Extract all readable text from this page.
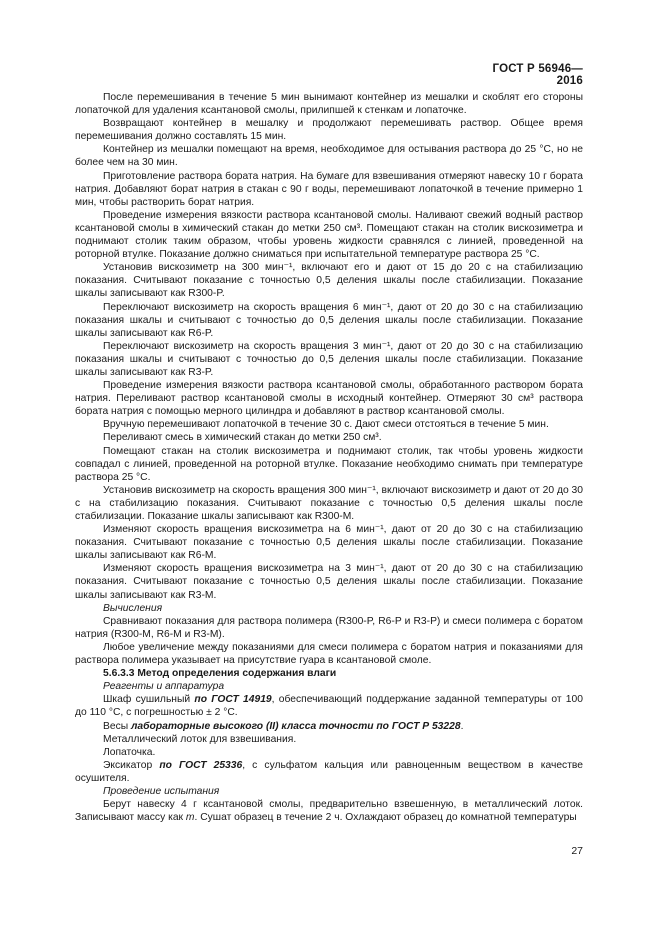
ГОСТ Р 56946—2016

После перемешивания в течение 5 мин вынимают контейнер из мешалки и скоблят его стороны лопаточкой для удаления ксантановой смолы, прилипшей к стенкам и лопаточке.

Возвращают контейнер в мешалку и продолжают перемешивать раствор. Общее время перемешивания должно составлять 15 мин.

Контейнер из мешалки помещают на время, необходимое для остывания раствора до 25 °С, но не более чем на 30 мин.

Приготовление раствора бората натрия. На бумаге для взвешивания отмеряют навеску 10 г бората натрия. Добавляют борат натрия в стакан с 90 г воды, перемешивают лопаточкой в течение примерно 1 мин, чтобы растворить борат натрия.

Проведение измерения вязкости раствора ксантановой смолы. Наливают свежий водный раствор ксантановой смолы в химический стакан до метки 250 см³. Помещают стакан на столик вискозиметра и поднимают столик таким образом, чтобы уровень жидкости сравнялся с линией, проведенной на роторной втулке. Показание должно сниматься при испытательной температуре раствора 25 °С.

Установив вискозиметр на 300 мин⁻¹, включают его и дают от 15 до 20 с на стабилизацию показания. Считывают показание с точностью 0,5 деления шкалы после стабилизации. Показание шкалы записывают как R300-P.

Переключают вискозиметр на скорость вращения 6 мин⁻¹, дают от 20 до 30 с на стабилизацию показания шкалы и считывают с точностью до 0,5 деления шкалы после стабилизации. Показание шкалы записывают как R6-P.

Переключают вискозиметр на скорость вращения 3 мин⁻¹, дают от 20 до 30 с на стабилизацию показания шкалы и считывают с точностью до 0,5 деления шкалы после стабилизации. Показание шкалы записывают как R3-P.

Проведение измерения вязкости раствора ксантановой смолы, обработанного раствором бората натрия. Переливают раствор ксантановой смолы в исходный контейнер. Отмеряют 30 см³ раствора бората натрия с помощью мерного цилиндра и добавляют в раствор ксантановой смолы.

Вручную перемешивают лопаточкой в течение 30 с. Дают смеси отстояться в течение 5 мин.

Переливают смесь в химический стакан до метки 250 см³.

Помещают стакан на столик вискозиметра и поднимают столик, так чтобы уровень жидкости совпадал с линией, проведенной на роторной втулке. Показание необходимо снимать при температуре раствора 25 °С.

Установив вискозиметр на скорость вращения 300 мин⁻¹, включают вискозиметр и дают от 20 до 30 с на стабилизацию показания. Считывают показание с точностью 0,5 деления шкалы после стабилизации. Показание шкалы записывают как R300-M.

Изменяют скорость вращения вискозиметра на 6 мин⁻¹, дают от 20 до 30 с на стабилизацию показания. Считывают показание с точностью 0,5 деления шкалы после стабилизации. Показание шкалы записывают как R6-M.

Изменяют скорость вращения вискозиметра на 3 мин⁻¹, дают от 20 до 30 с на стабилизацию показания. Считывают показание с точностью 0,5 деления шкалы после стабилизации. Показание шкалы записывают как R3-M.

Вычисления

Сравнивают показания для раствора полимера (R300-P, R6-P и R3-P) и смеси полимера с боратом натрия (R300-M, R6-M и R3-M).

Любое увеличение между показаниями для смеси полимера с боратом натрия и показаниями для раствора полимера указывает на присутствие гуара в ксантановой смоле.

5.6.3.3 Метод определения содержания влаги

Реагенты и аппаратура

Шкаф сушильный по ГОСТ 14919, обеспечивающий поддержание заданной температуры от 100 до 110 °С, с погрешностью ± 2 °С.

Весы лабораторные высокого (II) класса точности по ГОСТ Р 53228.

Металлический лоток для взвешивания.

Лопаточка.

Эксикатор по ГОСТ 25336, с сульфатом кальция или равноценным веществом в качестве осушителя.

Проведение испытания

Берут навеску 4 г ксантановой смолы, предварительно взвешенную, в металлический лоток. Записывают массу как m. Сушат образец в течение 2 ч. Охлаждают образец до комнатной температуры

27
